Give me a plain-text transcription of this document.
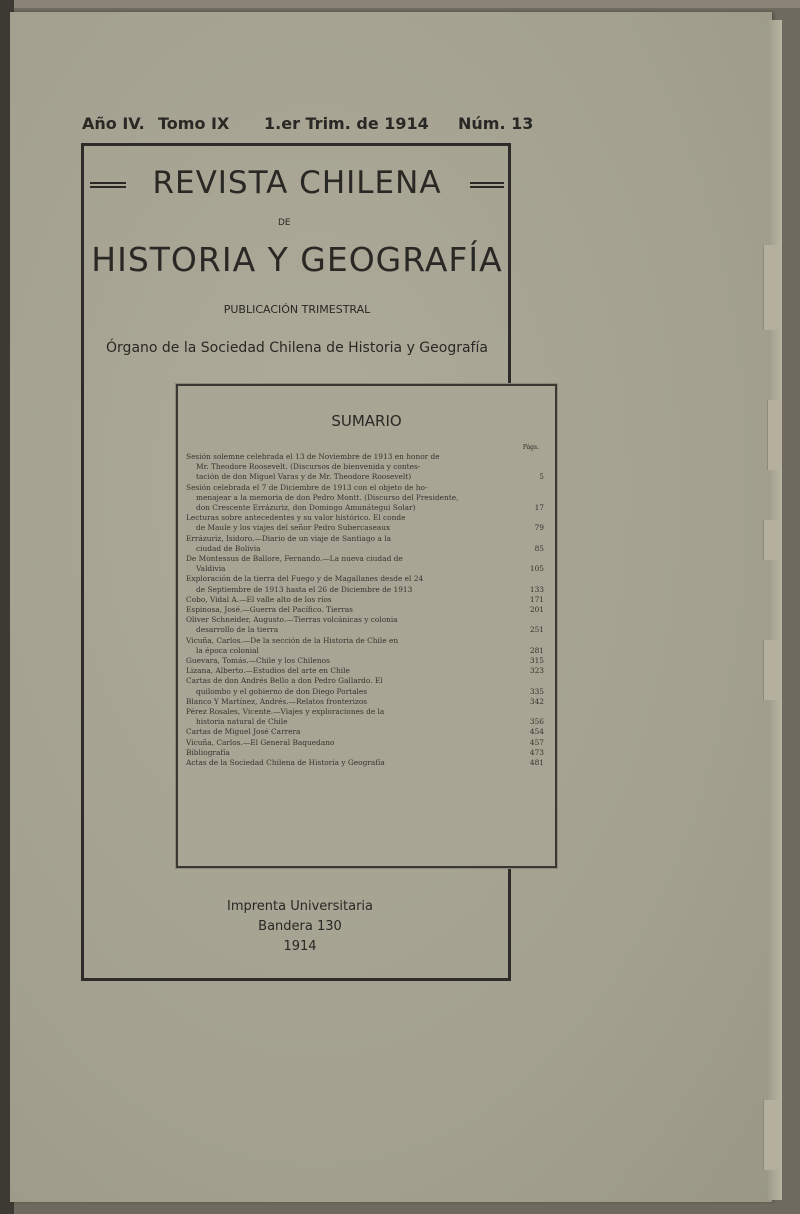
Año IV. Tomo IX 1.er Trim. de 1914 Núm. 13
REVISTA CHILENA
DE
HISTORIA Y GEOGRAFÍA
PUBLICACIÓN TRIMESTRAL
Órgano de la Sociedad Chilena de Historia y Geografía
SUMARIO
Págs.
Sesión solemne celebrada el 13 de Noviembre de 1913 en honor de
Mr. Theodore Roosevelt. (Discursos de bienvenida y contes-
tación de don Miguel Varas y de Mr. Theodore Roosevelt)	5
Sesión celebrada el 7 de Diciembre de 1913 con el objeto de ho-
menajear a la memoria de don Pedro Montt. (Discurso del Presidente,
don Crescente Errázuriz, don Domingo Amunátegui Solar)	17
Lecturas sobre antecedentes y su valor histórico. El conde
de Maule y los viajes del señor Pedro Subercaseaux	79
Errázuriz, Isidoro.—Diario de un viaje de Santiago a la
ciudad de Bolivia	85
De Montessus de Ballore, Fernando.—La nueva ciudad de
Valdivia	105
Exploración de la tierra del Fuego y de Magallanes desde el 24
de Septiembre de 1913 hasta el 26 de Diciembre de 1913	133
Cobo, Vidal A.—El valle alto de los ríos	171
Espinosa, José.—Guerra del Pacífico. Tierras	201
Oliver Schneider, Augusto.—Tierras volcánicas y colonia
desarrollo de la tierra	251
Vicuña, Carlos.—De la sección de la Historia de Chile en
la época colonial	281
Guevara, Tomás.—Chile y los Chilenos	315
Lizana, Alberto.—Estudios del arte en Chile	323
Cartas de don Andrés Bello a don Pedro Gallardo. El
quilombo y el gobierno de don Diego Portales	335
Blanco Y Martínez, Andrés.—Relatos fronterizos	342
Pérez Rosales, Vicente.—Viajes y exploraciones de la
historia natural de Chile	356
Cartas de Miguel José Carrera	454
Vicuña, Carlos.—El General Baquedano	457
Bibliografía	473
Actas de la Sociedad Chilena de Historia y Geografía	481
Imprenta Universitaria
Bandera 130
1914
